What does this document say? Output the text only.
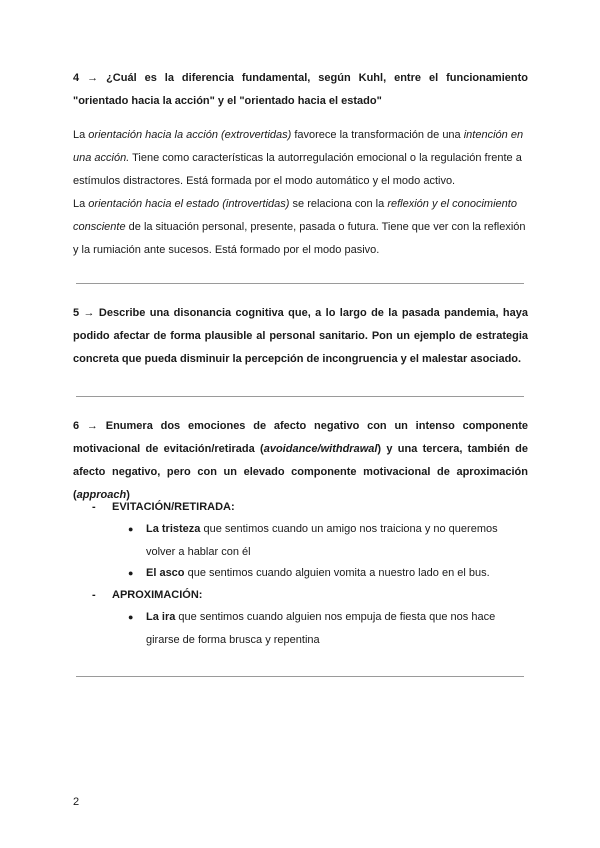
4 → ¿Cuál es la diferencia fundamental, según Kuhl, entre el funcionamiento "orientado hacia la acción" y el "orientado hacia el estado"

La orientación hacia la acción (extrovertidas) favorece la transformación de una intención en una acción. Tiene como características la autorregulación emocional o la regulación frente a estímulos distractores. Está formada por el modo automático y el modo activo.

La orientación hacia el estado (introvertidas) se relaciona con la reflexión y el conocimiento consciente de la situación personal, presente, pasada o futura. Tiene que ver con la reflexión y la rumiación ante sucesos. Está formado por el modo pasivo.

5 → Describe una disonancia cognitiva que, a lo largo de la pasada pandemia, haya podido afectar de forma plausible al personal sanitario. Pon un ejemplo de estrategia concreta que pueda disminuir la percepción de incongruencia y el malestar asociado.
6 → Enumera dos emociones de afecto negativo con un intenso componente motivacional de evitación/retirada (avoidance/withdrawal) y una tercera, también de afecto negativo, pero con un elevado componente motivacional de aproximación (approach)
- EVITACIÓN/RETIRADA:
● La tristeza que sentimos cuando un amigo nos traiciona y no queremos volver a hablar con él
● El asco que sentimos cuando alguien vomita a nuestro lado en el bus.
- APROXIMACIÓN:
● La ira que sentimos cuando alguien nos empuja de fiesta que nos hace girarse de forma brusca y repentina
2
